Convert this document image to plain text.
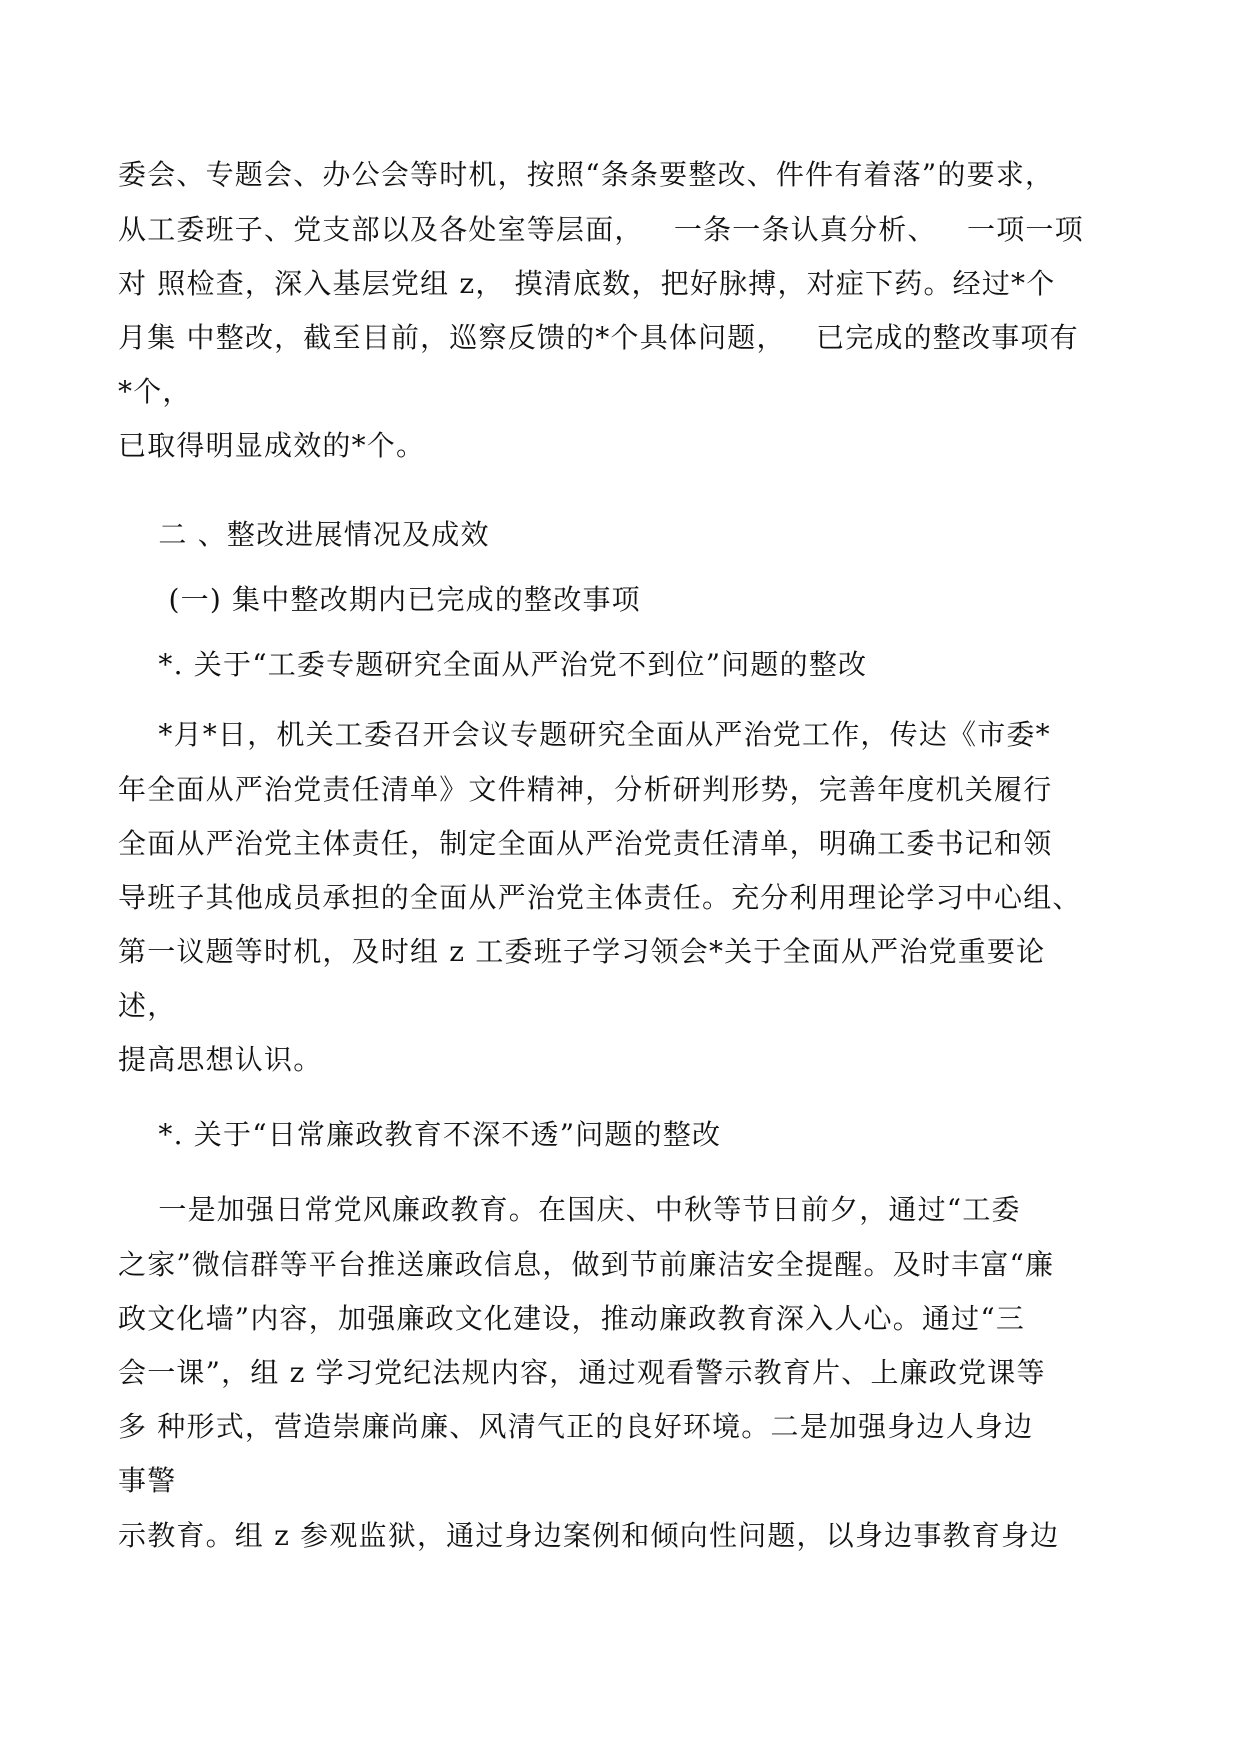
委会、专题会、办公会等时机，按照“条条要整改、件件有着落”的要求，
从工委班子、党支部以及各处室等层面，   一条一条认真分析、   一项一项
对 照检查，深入基层党组 z， 摸清底数，把好脉搏，对症下药。经过*个
月集 中整改，截至目前，巡察反馈的*个具体问题，   已完成的整改事项有
*个，
已取得明显成效的*个。
二 、整改进展情况及成效
(一) 集中整改期内已完成的整改事项
*. 关于“工委专题研究全面从严治党不到位”问题的整改
*月*日，机关工委召开会议专题研究全面从严治党工作，传达《市委*
年全面从严治党责任清单》文件精神，分析研判形势，完善年度机关履行
全面从严治党主体责任，制定全面从严治党责任清单，明确工委书记和领
导班子其他成员承担的全面从严治党主体责任。充分利用理论学习中心组、
第一议题等时机，及时组 z 工委班子学习领会*关于全面从严治党重要论
述，
提高思想认识。
*. 关于“日常廉政教育不深不透”问题的整改
一是加强日常党风廉政教育。在国庆、中秋等节日前夕，通过“工委
之家”微信群等平台推送廉政信息，做到节前廉洁安全提醒。及时丰富“廉
政文化墙”内容，加强廉政文化建设，推动廉政教育深入人心。通过“三
会一课”，组 z 学习党纪法规内容，通过观看警示教育片、上廉政党课等
多 种形式，营造崇廉尚廉、风清气正的良好环境。二是加强身边人身边
事警
示教育。组 z 参观监狱，通过身边案例和倾向性问题，以身边事教育身边
